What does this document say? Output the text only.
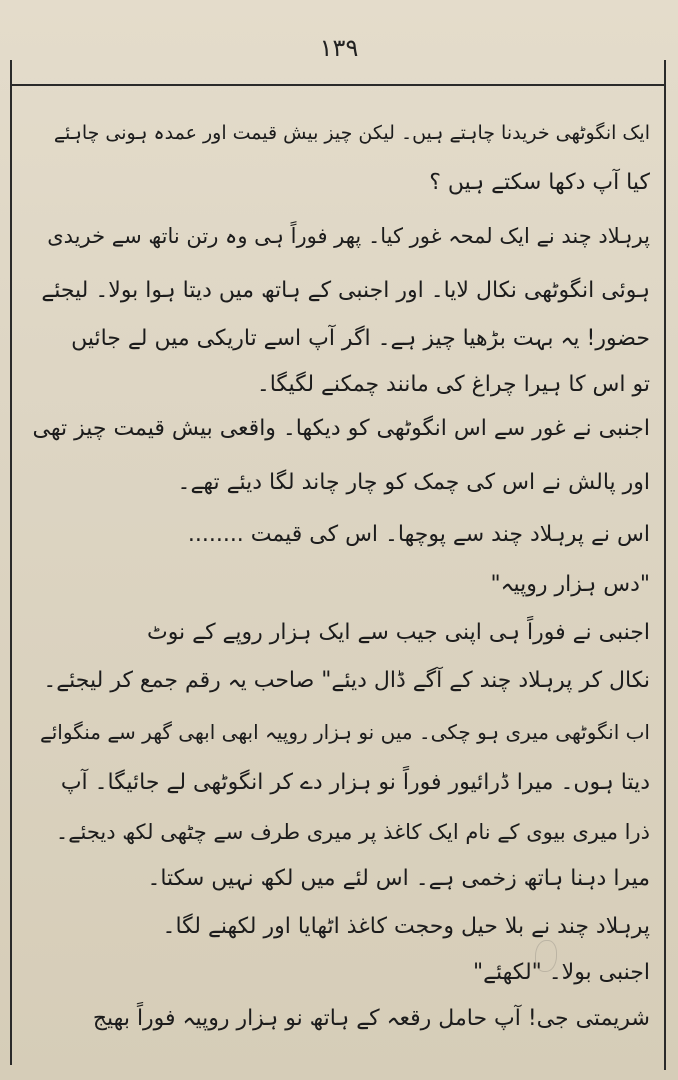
۱۳۹
ایک انگوٹھی خریدنا چاہتے ہیں۔ لیکن چیز بیش قیمت اور عمدہ ہونی چاہئے
کیا آپ دکھا سکتے ہیں ؟
پرہلاد چند نے ایک لمحہ غور کیا۔ پھر فوراً ہی وہ رتن ناتھ سے خریدی
ہوئی انگوٹھی نکال لایا۔ اور اجنبی کے ہاتھ میں دیتا ہوا بولا۔ لیجئے
حضور! یہ بہت بڑھیا چیز ہے۔ اگر آپ اسے تاریکی میں لے جائیں
تو اس کا ہیرا چراغ کی مانند چمکنے لگیگا۔
اجنبی نے غور سے اس انگوٹھی کو دیکھا۔ واقعی بیش قیمت چیز تھی
اور پالش نے اس کی چمک کو چار چاند لگا دیئے تھے۔
اس نے پرہلاد چند سے پوچھا۔ اس کی قیمت ........
"دس ہزار روپیہ"
اجنبی نے فوراً ہی اپنی جیب سے ایک ہزار روپے کے نوٹ
نکال کر پرہلاد چند کے آگے ڈال دیئے" صاحب یہ رقم جمع کر لیجئے۔
اب انگوٹھی میری ہو چکی۔ میں نو ہزار روپیہ ابھی ابھی گھر سے منگوائے
دیتا ہوں۔ میرا ڈرائیور فوراً نو ہزار دے کر انگوٹھی لے جائیگا۔ آپ
ذرا میری بیوی کے نام ایک کاغذ پر میری طرف سے چٹھی لکھ دیجئے۔
میرا دہنا ہاتھ زخمی ہے۔ اس لئے میں لکھ نہیں سکتا۔
پرہلاد چند نے بلا حیل وحجت کاغذ اٹھایا اور لکھنے لگا۔
اجنبی بولا۔ "لکھئے"
شریمتی جی! آپ حامل رقعہ کے ہاتھ نو ہزار روپیہ فوراً بھیج
